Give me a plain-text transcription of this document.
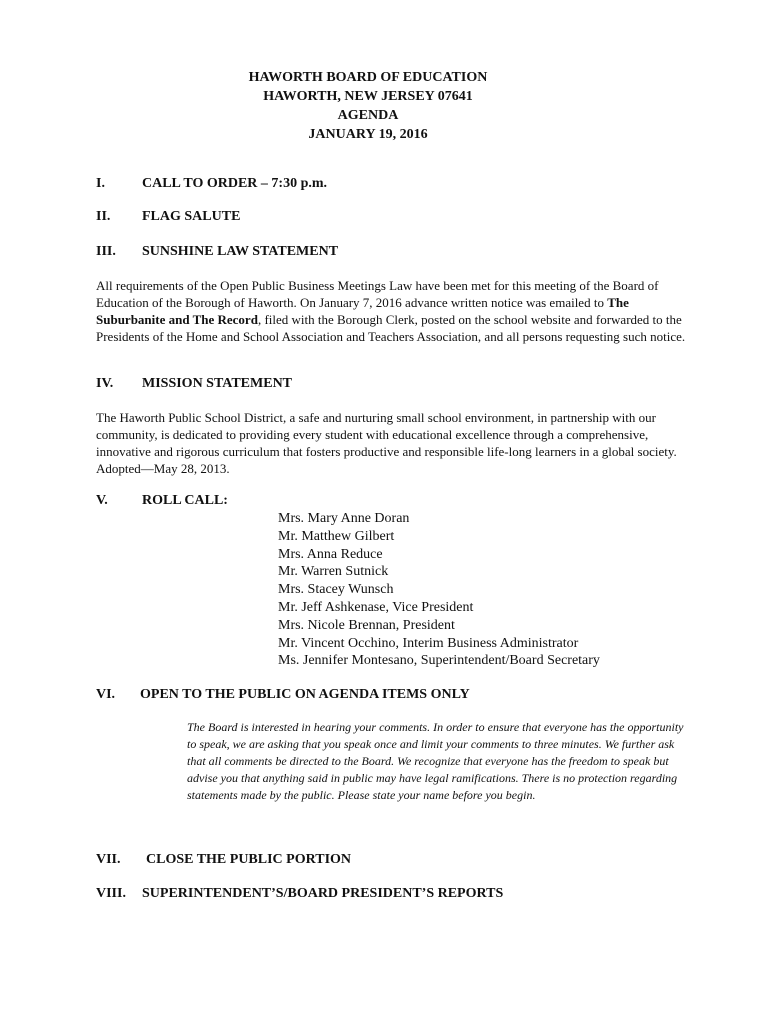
HAWORTH BOARD OF EDUCATION
HAWORTH, NEW JERSEY 07641
AGENDA
JANUARY 19, 2016
I.	CALL TO ORDER – 7:30 p.m.
II. FLAG SALUTE
III. SUNSHINE LAW STATEMENT
All requirements of the Open Public Business Meetings Law have been met for this meeting of the Board of Education of the Borough of Haworth. On January 7, 2016 advance written notice was emailed to The Suburbanite and The Record, filed with the Borough Clerk, posted on the school website and forwarded to the Presidents of the Home and School Association and Teachers Association, and all persons requesting such notice.
IV. MISSION STATEMENT
The Haworth Public School District, a safe and nurturing small school environment, in partnership with our community, is dedicated to providing every student with educational excellence through a comprehensive, innovative and rigorous curriculum that fosters productive and responsible life-long learners in a global society. Adopted—May 28, 2013.
V. ROLL CALL:
Mrs. Mary Anne Doran
Mr. Matthew Gilbert
Mrs. Anna Reduce
Mr. Warren Sutnick
Mrs. Stacey Wunsch
Mr. Jeff Ashkenase, Vice President
Mrs. Nicole Brennan, President
Mr. Vincent Occhino, Interim Business Administrator
Ms. Jennifer Montesano, Superintendent/Board Secretary
VI. OPEN TO THE PUBLIC ON AGENDA ITEMS ONLY
The Board is interested in hearing your comments. In order to ensure that everyone has the opportunity to speak, we are asking that you speak once and limit your comments to three minutes. We further ask that all comments be directed to the Board. We recognize that everyone has the freedom to speak but advise you that anything said in public may have legal ramifications. There is no protection regarding statements made by the public. Please state your name before you begin.
VII. CLOSE THE PUBLIC PORTION
VIII. SUPERINTENDENT’S/BOARD PRESIDENT’S REPORTS
